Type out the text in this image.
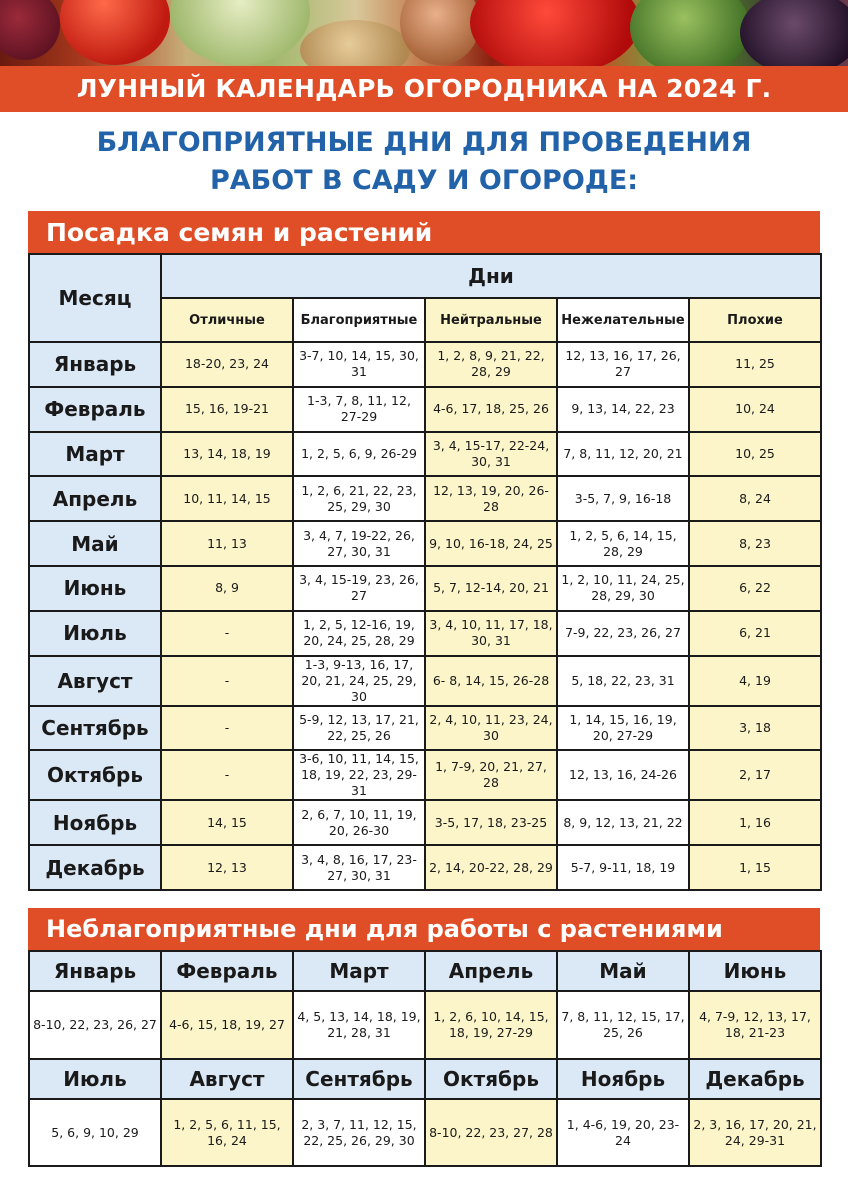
ЛУННЫЙ КАЛЕНДАРЬ ОГОРОДНИКА НА 2024 Г.
БЛАГОПРИЯТНЫЕ ДНИ ДЛЯ ПРОВЕДЕНИЯ
РАБОТ В САДУ И ОГОРОДЕ:
Посадка семян и растений
Месяц	Дни				
	Отличные	Благоприятные	Нейтральные	Нежелательные	Плохие
Январь	18-20, 23, 24	3-7, 10, 14, 15, 30, 31	1, 2, 8, 9, 21, 22, 28, 29	12, 13, 16, 17, 26, 27	11, 25
Февраль	15, 16, 19-21	1-3, 7, 8, 11, 12, 27-29	4-6, 17, 18, 25, 26	9, 13, 14, 22, 23	10, 24
Март	13, 14, 18, 19	1, 2, 5, 6, 9, 26-29	3, 4, 15-17, 22-24, 30, 31	7, 8, 11, 12, 20, 21	10, 25
Апрель	10, 11, 14, 15	1, 2, 6, 21, 22, 23, 25, 29, 30	12, 13, 19, 20, 26-28	3-5, 7, 9, 16-18	8, 24
Май	11, 13	3, 4, 7, 19-22, 26, 27, 30, 31	9, 10, 16-18, 24, 25	1, 2, 5, 6, 14, 15, 28, 29	8, 23
Июнь	8, 9	3, 4, 15-19, 23, 26, 27	5, 7, 12-14, 20, 21	1, 2, 10, 11, 24, 25, 28, 29, 30	6, 22
Июль	-	1, 2, 5, 12-16, 19, 20, 24, 25, 28, 29	3, 4, 10, 11, 17, 18, 30, 31	7-9, 22, 23, 26, 27	6, 21
Август	-	1-3, 9-13, 16, 17, 20, 21, 24, 25, 29, 30	6- 8, 14, 15, 26-28	5, 18, 22, 23, 31	4, 19
Сентябрь	-	5-9, 12, 13, 17, 21, 22, 25, 26	2, 4, 10, 11, 23, 24, 30	1, 14, 15, 16, 19, 20, 27-29	3, 18
Октябрь	-	3-6, 10, 11, 14, 15, 18, 19, 22, 23, 29-31	1, 7-9, 20, 21, 27, 28	12, 13, 16, 24-26	2, 17
Ноябрь	14, 15	2, 6, 7, 10, 11, 19, 20, 26-30	3-5, 17, 18, 23-25	8, 9, 12, 13, 21, 22	1, 16
Декабрь	12, 13	3, 4, 8, 16, 17, 23-27, 30, 31	2, 14, 20-22, 28, 29	5-7, 9-11, 18, 19	1, 15
Неблагоприятные дни для работы с растениями
Январь	Февраль	Март	Апрель	Май	Июнь
8-10, 22, 23, 26, 27	4-6, 15, 18, 19, 27	4, 5, 13, 14, 18, 19, 21, 28, 31	1, 2, 6, 10, 14, 15, 18, 19, 27-29	7, 8, 11, 12, 15, 17, 25, 26	4, 7-9, 12, 13, 17, 18, 21-23
Июль	Август	Сентябрь	Октябрь	Ноябрь	Декабрь
5, 6, 9, 10, 29	1, 2, 5, 6, 11, 15, 16, 24	2, 3, 7, 11, 12, 15, 22, 25, 26, 29, 30	8-10, 22, 23, 27, 28	1, 4-6, 19, 20, 23-24	2, 3, 16, 17, 20, 21, 24, 29-31
